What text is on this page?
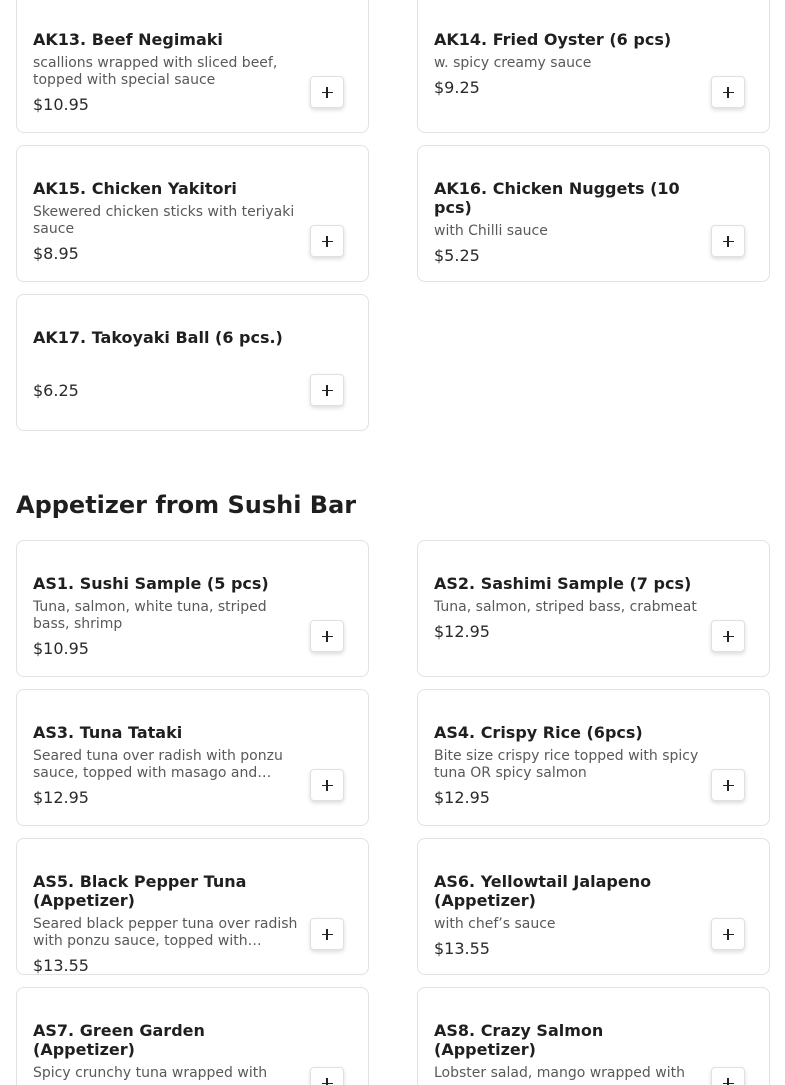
AK13. Beef Negimaki
scallions wrapped with sliced beef, topped with special sauce
$10.95
AK14. Fried Oyster (6 pcs)
w. spicy creamy sauce
$9.25
AK15. Chicken Yakitori
Skewered chicken sticks with teriyaki sauce
$8.95
AK16. Chicken Nuggets (10 pcs)
with Chilli sauce
$5.25
AK17. Takoyaki Ball (6 pcs.)
$6.25
Appetizer from Sushi Bar
AS1. Sushi Sample (5 pcs)
Tuna, salmon, white tuna, striped bass, shrimp
$10.95
AS2. Sashimi Sample (7 pcs)
Tuna, salmon, striped bass, crabmeat
$12.95
AS3. Tuna Tataki
Seared tuna over radish with ponzu sauce, topped with masago and
$12.95
AS4. Crispy Rice (6pcs)
Bite size crispy rice topped with spicy tuna OR spicy salmon
$12.95
AS5. Black Pepper Tuna (Appetizer)
Seared black pepper tuna over radish with ponzu sauce, topped with
$13.55
AS6. Yellowtail Jalapeno (Appetizer)
with chef’s sauce
$13.55
AS7. Green Garden (Appetizer)
Spicy crunchy tuna wrapped with
AS8. Crazy Salmon (Appetizer)
Lobster salad, mango wrapped with
